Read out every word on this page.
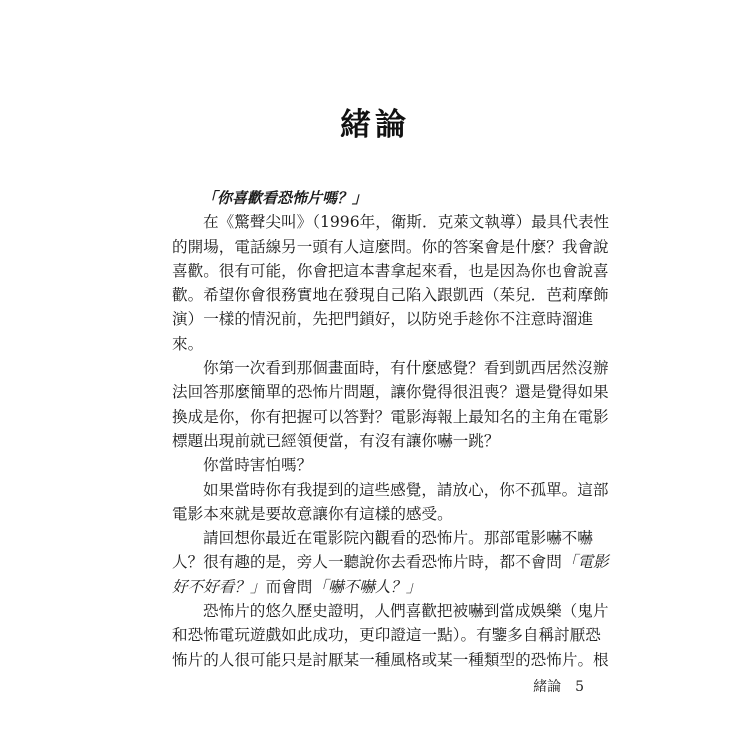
緒論
「你喜歡看恐怖片嗎？」

在《驚聲尖叫》（1996年，衛斯．克萊文執導）最具代表性
的開場，電話線另一頭有人這麼問。你的答案會是什麼？我會說
喜歡。很有可能，你會把這本書拿起來看，也是因為你也會說喜
歡。希望你會很務實地在發現自己陷入跟凱西（茱兒．芭莉摩飾
演）一樣的情況前，先把門鎖好，以防兇手趁你不注意時溜進
來。

你第一次看到那個畫面時，有什麼感覺？看到凱西居然沒辦
法回答那麼簡單的恐怖片問題，讓你覺得很沮喪？還是覺得如果
換成是你，你有把握可以答對？電影海報上最知名的主角在電影
標題出現前就已經領便當，有沒有讓你嚇一跳？

你當時害怕嗎？

如果當時你有我提到的這些感覺，請放心，你不孤單。這部
電影本來就是要故意讓你有這樣的感受。

請回想你最近在電影院內觀看的恐怖片。那部電影嚇不嚇
人？很有趣的是，旁人一聽說你去看恐怖片時，都不會問「電影
好不好看？」而會問「嚇不嚇人？」

恐怖片的悠久歷史證明，人們喜歡把被嚇到當成娛樂（鬼片
和恐怖電玩遊戲如此成功，更印證這一點）。有鑒多自稱討厭恐
怖片的人很可能只是討厭某一種風格或某一種類型的恐怖片。根

緒論 5
